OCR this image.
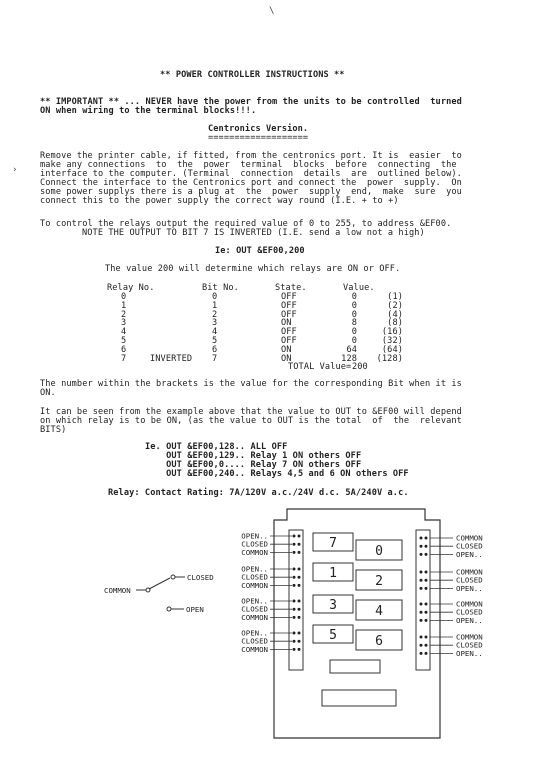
\
›
** POWER CONTROLLER INSTRUCTIONS **
** IMPORTANT ** ... NEVER have the power from the units to be controlled  turned
ON when wiring to the terminal blocks!!!.
Centronics Version.
===================
Remove the printer cable, if fitted, from the centronics port. It is  easier  to
make any connections  to  the  power  terminal  blocks  before  connecting  the
interface to the computer. (Terminal  connection  details  are  outlined below).
Connect the interface to the Centronics port and connect the  power  supply.  On
some power supplys there is a plug at  the  power  supply  end,  make  sure  you
connect this to the power supply the correct way round (I.E. + to +)
To control the relays output the required value of 0 to 255, to address &EF00.
NOTE THE OUTPUT TO BIT 7 IS INVERTED (I.E. send a low not a high)
Ie: OUT &EF00,200
The value 200 will determine which relays are ON or OFF.
Relay No.	Bit No.	State.	Value.
0	0	OFF	0	(1)
1	1	OFF	0	(2)
2	2	OFF	0	(4)
3	3	ON	8	(8)
4	4	OFF	0	(16)
5	5	OFF	0	(32)
6	6	ON	64	(64)
7	INVERTED 7	ON	128	(128)
TOTAL Value= 200
The number within the brackets is the value for the corresponding Bit when it is
ON.
It can be seen from the example above that the value to OUT to &EF00 will depend
on which relay is to be ON, (as the value to OUT is the total  of  the  relevant
BITS)
Ie. OUT &EF00,128.. ALL OFF
OUT &EF00,129.. Relay 1 ON others OFF
OUT &EF00,0.... Relay 7 ON others OFF
OUT &EF00,240.. Relays 4,5 and 6 ON others OFF
Relay: Contact Rating: 7A/120V a.c./24V d.c. 5A/240V a.c.
7
0
1
2
3	4
5	6
OPEN..
CLOSED
COMMON
OPEN..
CLOSED
COMMON
OPEN..
CLOSED
COMMON
OPEN..
CLOSED
COMMON
COMMON
CLOSED
OPEN..
COMMON
CLOSED
OPEN..
COMMON
CLOSED
OPEN..
COMMON
CLOSED
OPEN..
COMMON
CLOSED
OPEN
